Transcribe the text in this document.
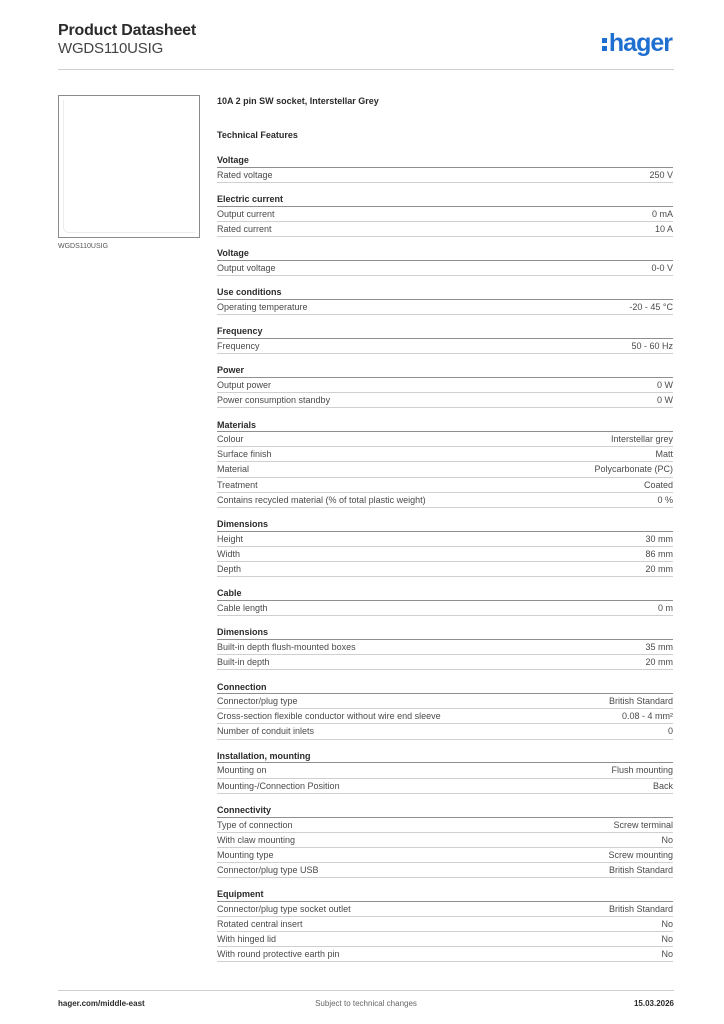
Product Datasheet
WGDS110USIG	hager
WGDS110USIG
10A 2 pin SW socket, Interstellar Grey
Technical Features
Voltage
Rated voltage	250 V
Electric current
Output current	0 mA
Rated current	10 A
Voltage
Output voltage	0-0 V
Use conditions
Operating temperature	-20 - 45 °C
Frequency
Frequency	50 - 60 Hz
Power
Output power	0 W
Power consumption standby	0 W
Materials
Colour	Interstellar grey
Surface finish	Matt
Material	Polycarbonate (PC)
Treatment	Coated
Contains recycled material (% of total plastic weight)	0 %
Dimensions
Height	30 mm
Width	86 mm
Depth	20 mm
Cable
Cable length	0 m
Dimensions
Built-in depth flush-mounted boxes	35 mm
Built-in depth	20 mm
Connection
Connector/plug type	British Standard
Cross-section flexible conductor without wire end sleeve	0.08 - 4 mm²
Number of conduit inlets	0
Installation, mounting
Mounting on	Flush mounting
Mounting-/Connection Position	Back
Connectivity
Type of connection	Screw terminal
With claw mounting	No
Mounting type	Screw mounting
Connector/plug type USB	British Standard
Equipment
Connector/plug type socket outlet	British Standard
Rotated central insert	No
With hinged lid	No
With round protective earth pin	No
hager.com/middle-east	Subject to technical changes	15.03.2026
